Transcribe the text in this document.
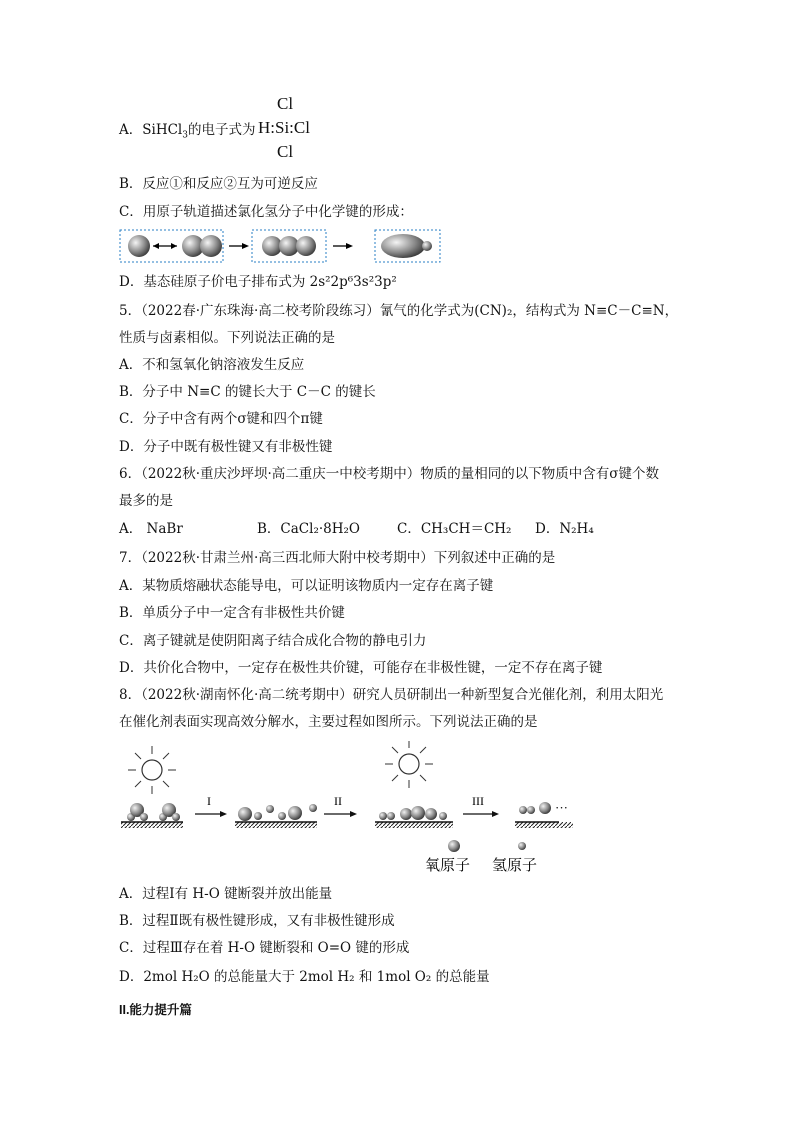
A．SiHCl$_3$的电子式为
Cl
H:Si:Cl
Cl
B．反应①和反应②互为可逆反应
C．用原子轨道描述氯化氢分子中化学键的形成：
D．基态硅原子价电子排布式为 2s²2p⁶3s²3p²
5．（2022春·广东珠海·高二校考阶段练习）氰气的化学式为(CN)₂，结构式为 N≡C－C≡N，
性质与卤素相似。下列说法正确的是
A．不和氢氧化钠溶液发生反应
B．分子中 N≡C 的键长大于 C－C 的键长
C．分子中含有两个σ键和四个π键
D．分子中既有极性键又有非极性键
6．（2022秋·重庆沙坪坝·高二重庆一中校考期中）物质的量相同的以下物质中含有σ键个数
最多的是
A． NaBr	B．CaCl₂·8H₂O	C．CH₃CH＝CH₂ D．N₂H₄
7．（2022秋·甘肃兰州·高三西北师大附中校考期中）下列叙述中正确的是
A．某物质熔融状态能导电，可以证明该物质内一定存在离子键
B．单质分子中一定含有非极性共价键
C．离子键就是使阴阳离子结合成化合物的静电引力
D．共价化合物中，一定存在极性共价键，可能存在非极性键，一定不存在离子键
8．（2022秋·湖南怀化·高二统考期中）研究人员研制出一种新型复合光催化剂，利用太阳光
在催化剂表面实现高效分解水，主要过程如图所示。下列说法正确的是
I	II	III	···
氧原子 氢原子
A．过程Ⅰ有 H-O 键断裂并放出能量
B．过程Ⅱ既有极性键形成，又有非极性键形成
C．过程Ⅲ存在着 H-O 键断裂和 O=O 键的形成
D．2mol H₂O 的总能量大于 2mol H₂ 和 1mol O₂ 的总能量
II.能力提升篇
